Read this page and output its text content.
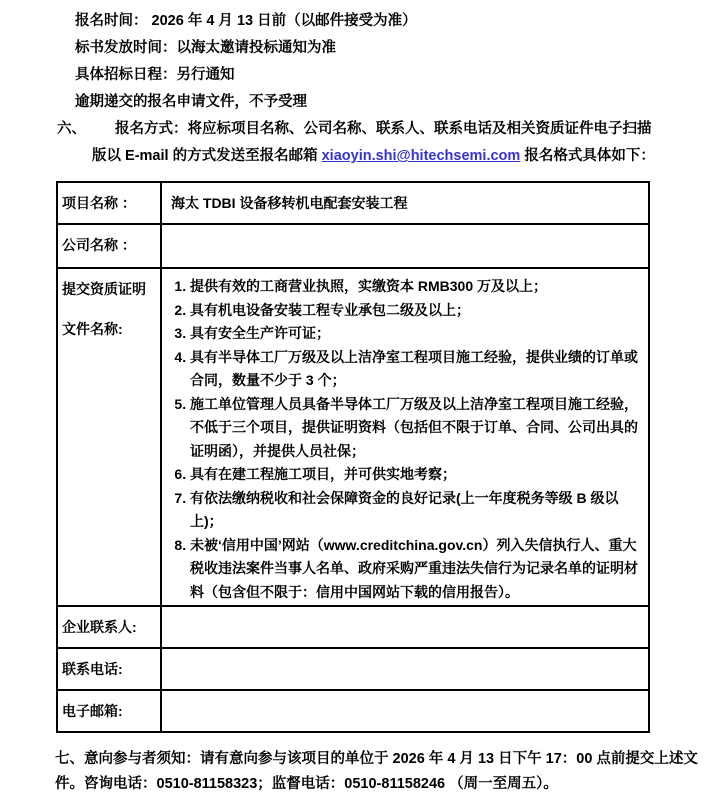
报名时间： 2026 年 4 月 13 日前（以邮件接受为准）
标书发放时间：以海太邀请投标通知为准
具体招标日程：另行通知
逾期递交的报名申请文件，不予受理
六、 报名方式：将应标项目名称、公司名称、联系人、联系电话及相关资质证件电子扫描
版以 E-mail 的方式发送至报名邮箱 xiaoyin.shi@hitechsemi.com 报名格式具体如下：
项目名称 ：	海太 TDBI 设备移转机电配套安装工程
公司名称 ：	
提交资质证明文件名称:	
1. 提供有效的工商营业执照，实缴资本 RMB300 万及以上；
2. 具有机电设备安装工程专业承包二级及以上；
3. 具有安全生产许可证；
4. 具有半导体工厂万级及以上洁净室工程项目施工经验，提供业绩的订单或合同，数量不少于 3 个；
5. 施工单位管理人员具备半导体工厂万级及以上洁净室工程项目施工经验，不低于三个项目，提供证明资料（包括但不限于订单、合同、公司出具的证明函），并提供人员社保；
6. 具有在建工程施工项目，并可供实地考察；
7. 有依法缴纳税收和社会保障资金的良好记录(上一年度税务等级 B 级以上)；
8. 未被‘信用中国’网站（www.creditchina.gov.cn）列入失信执行人、重大税收违法案件当事人名单、政府采购严重违法失信行为记录名单的证明材料（包含但不限于：信用中国网站下载的信用报告）。

企业联系人:	
联系电话:	
电子邮箱:	
七、意向参与者须知：请有意向参与该项目的单位于 2026 年 4 月 13 日下午 17：00 点前提交上述文件。咨询电话：0510-81158323；监督电话：0510-81158246 （周一至周五）。
